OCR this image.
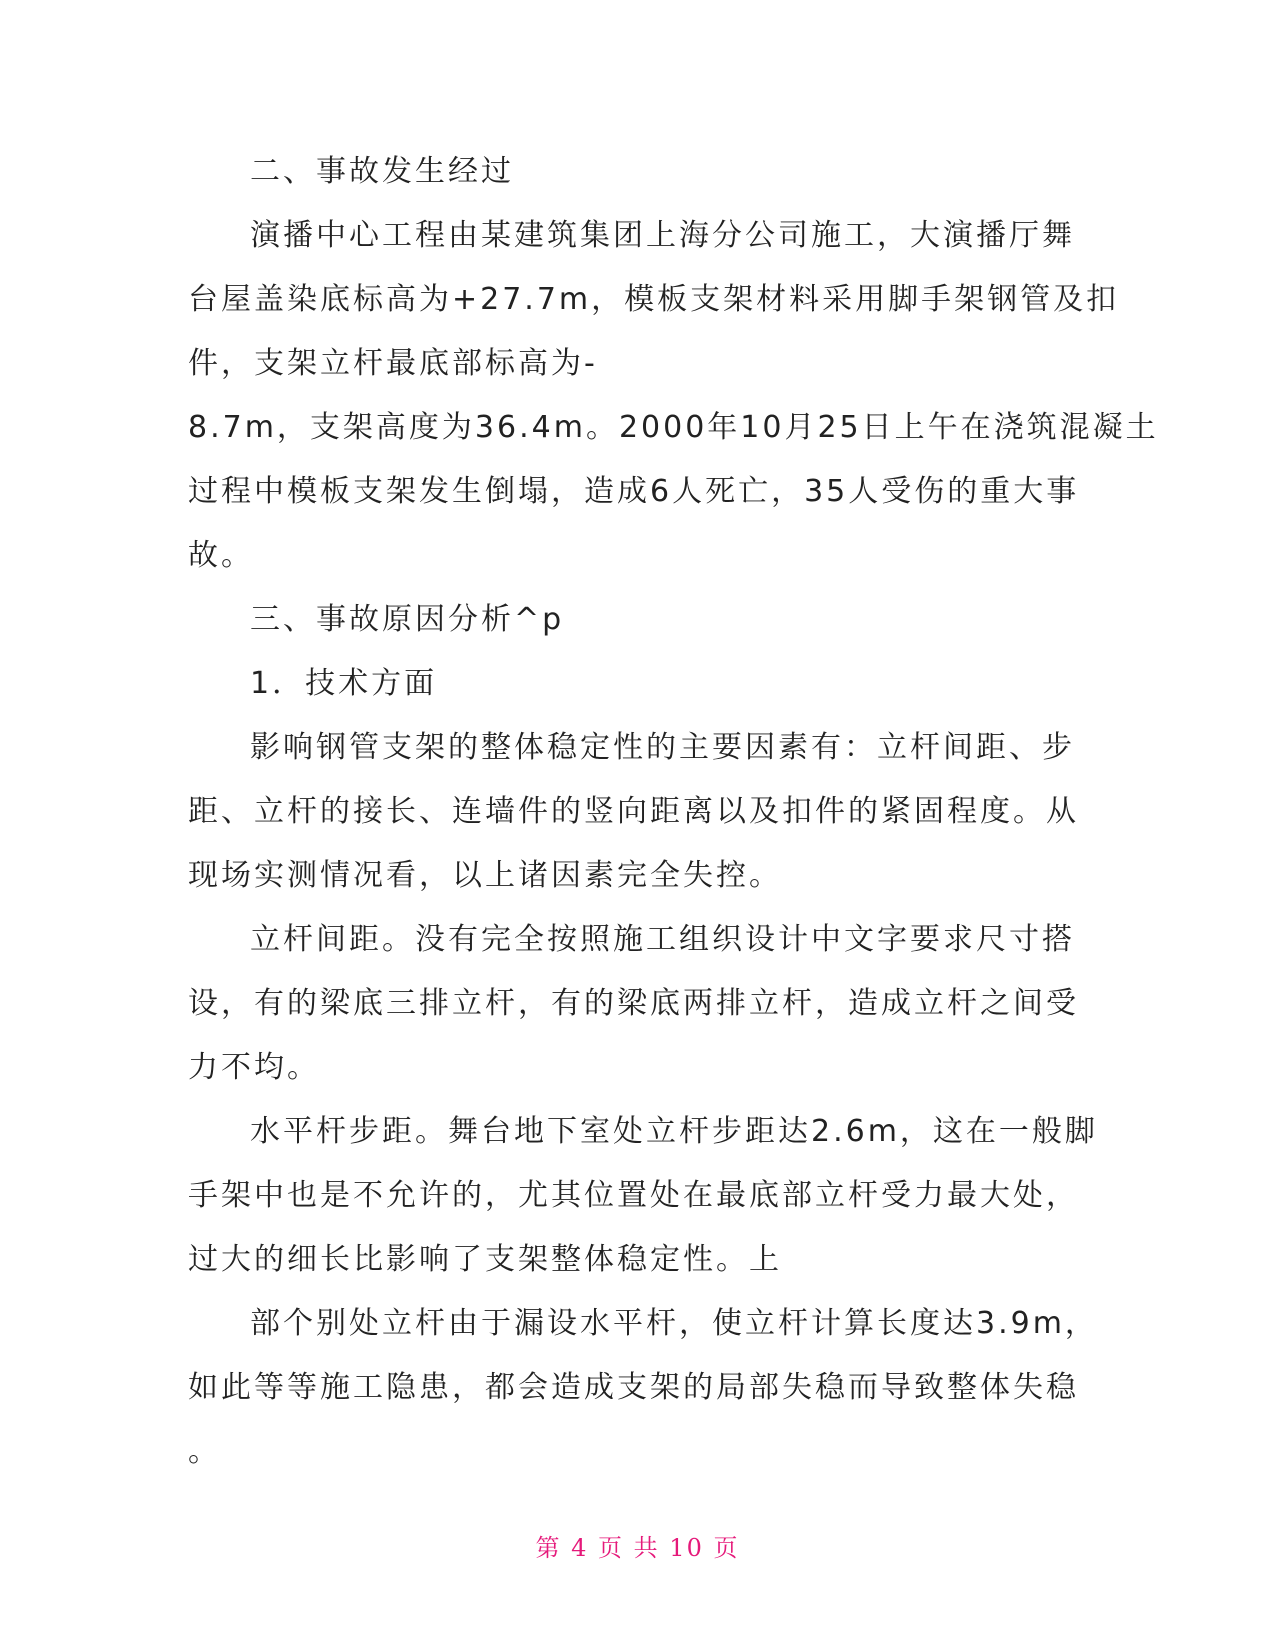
二、事故发生经过
演播中心工程由某建筑集团上海分公司施工，大演播厅舞
台屋盖染底标高为+27.7m，模板支架材料采用脚手架钢管及扣
件，支架立杆最底部标高为-
8.7m，支架高度为36.4m。2000年10月25日上午在浇筑混凝土
过程中模板支架发生倒塌，造成6人死亡，35人受伤的重大事
故。
三、事故原因分析^p
1．技术方面
影响钢管支架的整体稳定性的主要因素有：立杆间距、步
距、立杆的接长、连墙件的竖向距离以及扣件的紧固程度。从
现场实测情况看，以上诸因素完全失控。
立杆间距。没有完全按照施工组织设计中文字要求尺寸搭
设，有的梁底三排立杆，有的梁底两排立杆，造成立杆之间受
力不均。
水平杆步距。舞台地下室处立杆步距达2.6m，这在一般脚
手架中也是不允许的，尤其位置处在最底部立杆受力最大处，
过大的细长比影响了支架整体稳定性。上
部个别处立杆由于漏设水平杆，使立杆计算长度达3.9m，
如此等等施工隐患，都会造成支架的局部失稳而导致整体失稳
。
第 4 页 共 10 页
